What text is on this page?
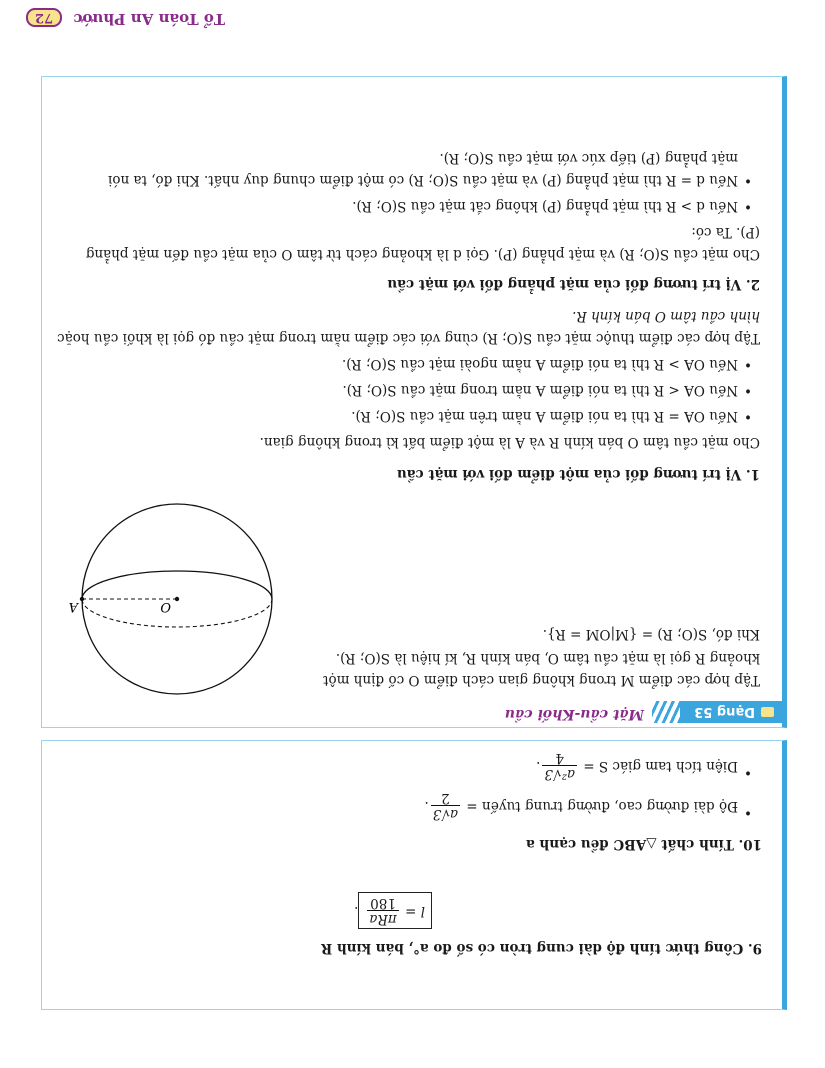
9. Công thức tính độ dài cung tròn có số đo a°, bán kính R
l =
πRa
180
.
10. Tính chất △ABC đều cạnh a
• Độ dài đường cao, đường trung tuyến =
a√3
2
.
• Diện tích tam giác S =
a²√3
4
.
Dạng 53
Mặt cầu-Khối cầu
Tập hợp các điểm M trong không gian cách điểm O cố định một
khoảng R gọi là mặt cầu tâm O, bán kính R, kí hiệu là S(O; R).
Khi đó, S(O; R) = {M|OM = R}.
O
A
1. Vị trí tương đối của một điểm đối với mặt cầu
Cho mặt cầu tâm O bán kính R và A là một điểm bất kì trong không gian.
• Nếu OA = R thì ta nói điểm A nằm trên mặt cầu S(O; R).
• Nếu OA < R thì ta nói điểm A nằm trong mặt cầu S(O; R).
• Nếu OA > R thì ta nói điểm A nằm ngoài mặt cầu S(O; R).
Tập hợp các điểm thuộc mặt cầu S(O; R) cùng với các điểm nằm trong mặt cầu đó gọi là khối cầu hoặc
hình cầu tâm O bán kính R.
2. Vị trí tương đối của mặt phẳng đối với mặt cầu
Cho mặt cầu S(O; R) và mặt phẳng (P). Gọi d là khoảng cách từ tâm O của mặt cầu đến mặt phẳng
(P). Ta có:
• Nếu d > R thì mặt phẳng (P) không cắt mặt cầu S(O; R).
• Nếu d = R thì mặt phẳng (P) và mặt cầu S(O; R) có một điểm chung duy nhất. Khi đó, ta nói
mặt phẳng (P) tiếp xúc với mặt cầu S(O; R).
Tổ Toán An Phước 72
